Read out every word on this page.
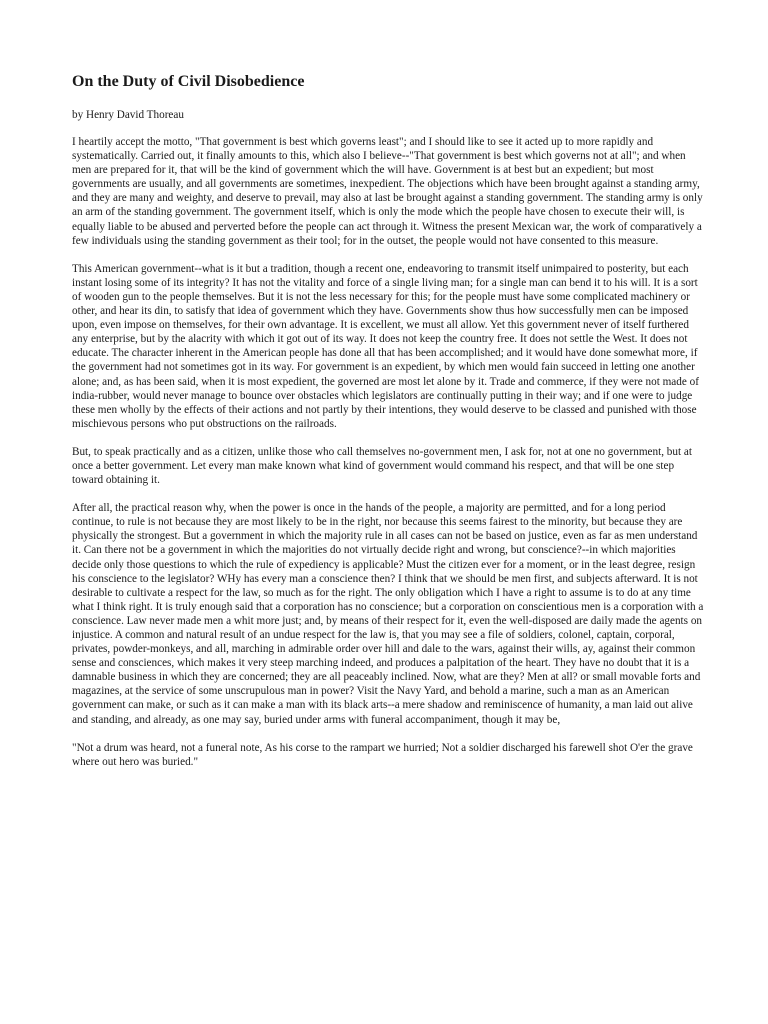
On the Duty of Civil Disobedience

by Henry David Thoreau

I heartily accept the motto, "That government is best which governs least"; and I should like to see it acted up to more rapidly and systematically. Carried out, it finally amounts to this, which also I believe--"That government is best which governs not at all"; and when men are prepared for it, that will be the kind of government which the will have. Government is at best but an expedient; but most governments are usually, and all governments are sometimes, inexpedient. The objections which have been brought against a standing army, and they are many and weighty, and deserve to prevail, may also at last be brought against a standing government. The standing army is only an arm of the standing government. The government itself, which is only the mode which the people have chosen to execute their will, is equally liable to be abused and perverted before the people can act through it. Witness the present Mexican war, the work of comparatively a few individuals using the standing government as their tool; for in the outset, the people would not have consented to this measure.

This American government--what is it but a tradition, though a recent one, endeavoring to transmit itself unimpaired to posterity, but each instant losing some of its integrity? It has not the vitality and force of a single living man; for a single man can bend it to his will. It is a sort of wooden gun to the people themselves. But it is not the less necessary for this; for the people must have some complicated machinery or other, and hear its din, to satisfy that idea of government which they have. Governments show thus how successfully men can be imposed upon, even impose on themselves, for their own advantage. It is excellent, we must all allow. Yet this government never of itself furthered any enterprise, but by the alacrity with which it got out of its way. It does not keep the country free. It does not settle the West. It does not educate. The character inherent in the American people has done all that has been accomplished; and it would have done somewhat more, if the government had not sometimes got in its way. For government is an expedient, by which men would fain succeed in letting one another alone; and, as has been said, when it is most expedient, the governed are most let alone by it. Trade and commerce, if they were not made of india-rubber, would never manage to bounce over obstacles which legislators are continually putting in their way; and if one were to judge these men wholly by the effects of their actions and not partly by their intentions, they would deserve to be classed and punished with those mischievous persons who put obstructions on the railroads.

But, to speak practically and as a citizen, unlike those who call themselves no-government men, I ask for, not at one no government, but at once a better government. Let every man make known what kind of government would command his respect, and that will be one step toward obtaining it.

After all, the practical reason why, when the power is once in the hands of the people, a majority are permitted, and for a long period continue, to rule is not because they are most likely to be in the right, nor because this seems fairest to the minority, but because they are physically the strongest. But a government in which the majority rule in all cases can not be based on justice, even as far as men understand it. Can there not be a government in which the majorities do not virtually decide right and wrong, but conscience?--in which majorities decide only those questions to which the rule of expediency is applicable? Must the citizen ever for a moment, or in the least degree, resign his conscience to the legislator? WHy has every man a conscience then? I think that we should be men first, and subjects afterward. It is not desirable to cultivate a respect for the law, so much as for the right. The only obligation which I have a right to assume is to do at any time what I think right. It is truly enough said that a corporation has no conscience; but a corporation on conscientious men is a corporation with a conscience. Law never made men a whit more just; and, by means of their respect for it, even the well-disposed are daily made the agents on injustice. A common and natural result of an undue respect for the law is, that you may see a file of soldiers, colonel, captain, corporal, privates, powder-monkeys, and all, marching in admirable order over hill and dale to the wars, against their wills, ay, against their common sense and consciences, which makes it very steep marching indeed, and produces a palpitation of the heart. They have no doubt that it is a damnable business in which they are concerned; they are all peaceably inclined. Now, what are they? Men at all? or small movable forts and magazines, at the service of some unscrupulous man in power? Visit the Navy Yard, and behold a marine, such a man as an American government can make, or such as it can make a man with its black arts--a mere shadow and reminiscence of humanity, a man laid out alive and standing, and already, as one may say, buried under arms with funeral accompaniment, though it may be,

"Not a drum was heard, not a funeral note, As his corse to the rampart we hurried; Not a soldier discharged his farewell shot O'er the grave where out hero was buried."
